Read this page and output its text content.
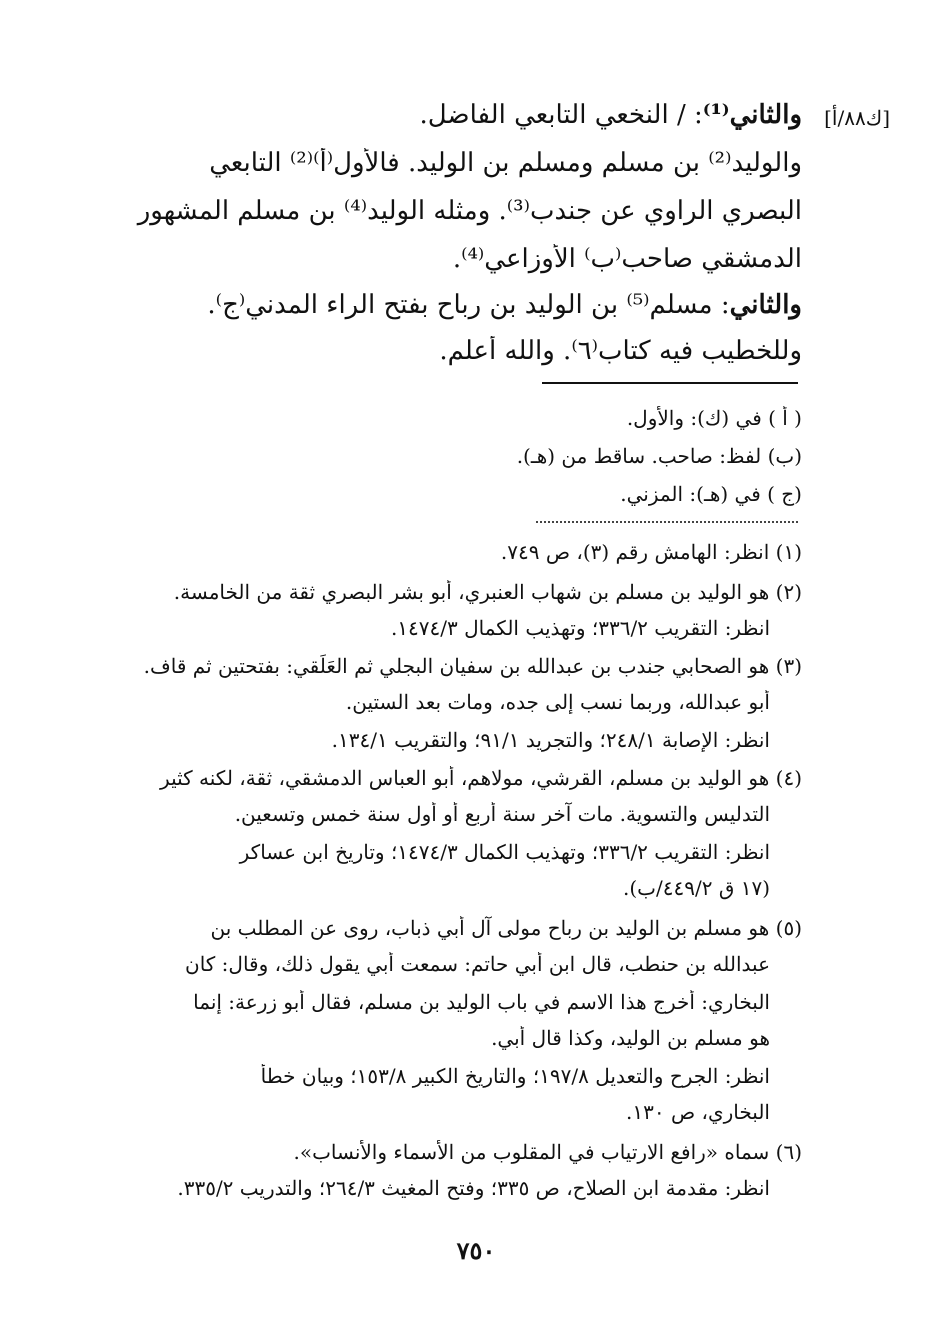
[ك٨٨/أ]
والثاني⁽¹⁾: / النخعي التابعي الفاضل.
والوليد⁽²⁾ بن مسلم ومسلم بن الوليد. فالأول⁽أ⁾⁽²⁾ التابعي
البصري الراوي عن جندب⁽³⁾. ومثله الوليد⁽⁴⁾ بن مسلم المشهور
الدمشقي صاحب⁽ب⁾ الأوزاعي⁽⁴⁾.
والثاني: مسلم⁽⁵⁾ بن الوليد بن رباح بفتح الراء المدني⁽ج⁾.
وللخطيب فيه كتاب⁽٦⁾. والله أعلم.
( أ ) في (ك): والأول.
(ب) لفظ: صاحب. ساقط من (هـ).
(ج ) في (هـ): المزني.
(١) انظر: الهامش رقم (٣)، ص ٧٤٩.
(٢) هو الوليد بن مسلم بن شهاب العنبري، أبو بشر البصري ثقة من الخامسة.
انظر: التقريب ٣٣٦/٢؛ وتهذيب الكمال ١٤٧٤/٣.
(٣) هو الصحابي جندب بن عبدالله بن سفيان البجلي ثم العَلَقي: بفتحتين ثم قاف.
أبو عبدالله، وربما نسب إلى جده، ومات بعد الستين.
انظر: الإصابة ٢٤٨/١؛ والتجريد ٩١/١؛ والتقريب ١٣٤/١.
(٤) هو الوليد بن مسلم، القرشي، مولاهم، أبو العباس الدمشقي، ثقة، لكنه كثير
التدليس والتسوية. مات آخر سنة أربع أو أول سنة خمس وتسعين.
انظر: التقريب ٣٣٦/٢؛ وتهذيب الكمال ١٤٧٤/٣؛ وتاريخ ابن عساكر
(١٧ ق ٤٤٩/٢/ب).
(٥) هو مسلم بن الوليد بن رباح مولى آل أبي ذباب، روى عن المطلب بن
عبدالله بن حنطب، قال ابن أبي حاتم: سمعت أبي يقول ذلك، وقال: كان
البخاري: أخرج هذا الاسم في باب الوليد بن مسلم، فقال أبو زرعة: إنما
هو مسلم بن الوليد، وكذا قال أبي.
انظر: الجرح والتعديل ١٩٧/٨؛ والتاريخ الكبير ١٥٣/٨؛ وبيان خطأ
البخاري، ص ١٣٠.
(٦) سماه «رافع الارتياب في المقلوب من الأسماء والأنساب».
انظر: مقدمة ابن الصلاح، ص ٣٣٥؛ وفتح المغيث ٢٦٤/٣؛ والتدريب ٣٣٥/٢.
٧٥٠
